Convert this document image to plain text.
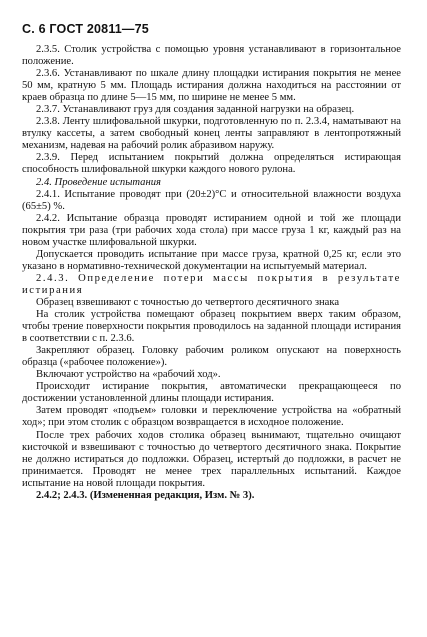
С. 6 ГОСТ 20811—75

2.3.5. Столик устройства с помощью уровня устанавливают в горизонтальное положение.

2.3.6. Устанавливают по шкале длину площадки истирания покрытия не менее 50 мм, кратную 5 мм. Площадь истирания должна находиться на расстоянии от краев образца по длине 5—15 мм, по ширине не менее 5 мм.

2.3.7. Устанавливают груз для создания заданной нагрузки на образец.

2.3.8. Ленту шлифовальной шкурки, подготовленную по п. 2.3.4, наматывают на втулку кассеты, а затем свободный конец ленты заправляют в лентопротяжный механизм, надевая на рабочий ролик абразивом наружу.

2.3.9. Перед испытанием покрытий должна определяться истирающая способность шлифовальной шкурки каждого нового рулона.

2.4. Проведение испытания

2.4.1. Испытание проводят при (20±2)°С и относительной влажности воздуха (65±5) %.

2.4.2. Испытание образца проводят истиранием одной и той же площади покрытия три раза (три рабочих хода стола) при массе груза 1 кг, каждый раз на новом участке шлифовальной шкурки.

Допускается проводить испытание при массе груза, кратной 0,25 кг, если это указано в нормативно-технической документации на испытуемый материал.

2.4.3. Определение потери массы покрытия в результате истирания

Образец взвешивают с точностью до четвертого десятичного знака

На столик устройства помещают образец покрытием вверх таким образом, чтобы трение поверхности покрытия проводилось на заданной площади истирания в соответствии с п. 2.3.6.

Закрепляют образец. Головку рабочим роликом опускают на поверхность образца («рабочее положение»).

Включают устройство на «рабочий ход».

Происходит истирание покрытия, автоматически прекращающееся по достижении установленной длины площади истирания.

Затем проводят «подъем» головки и переключение устройства на «обратный ход»; при этом столик с образцом возвращается в исходное положение.

После трех рабочих ходов столика образец вынимают, тщательно очищают кисточкой и взвешивают с точностью до четвертого десятичного знака. Покрытие не должно истираться до подложки. Образец, истертый до подложки, в расчет не принимается. Проводят не менее трех параллельных испытаний. Каждое испытание на новой площади покрытия.

2.4.2; 2.4.3. (Измененная редакция, Изм. № 3).
